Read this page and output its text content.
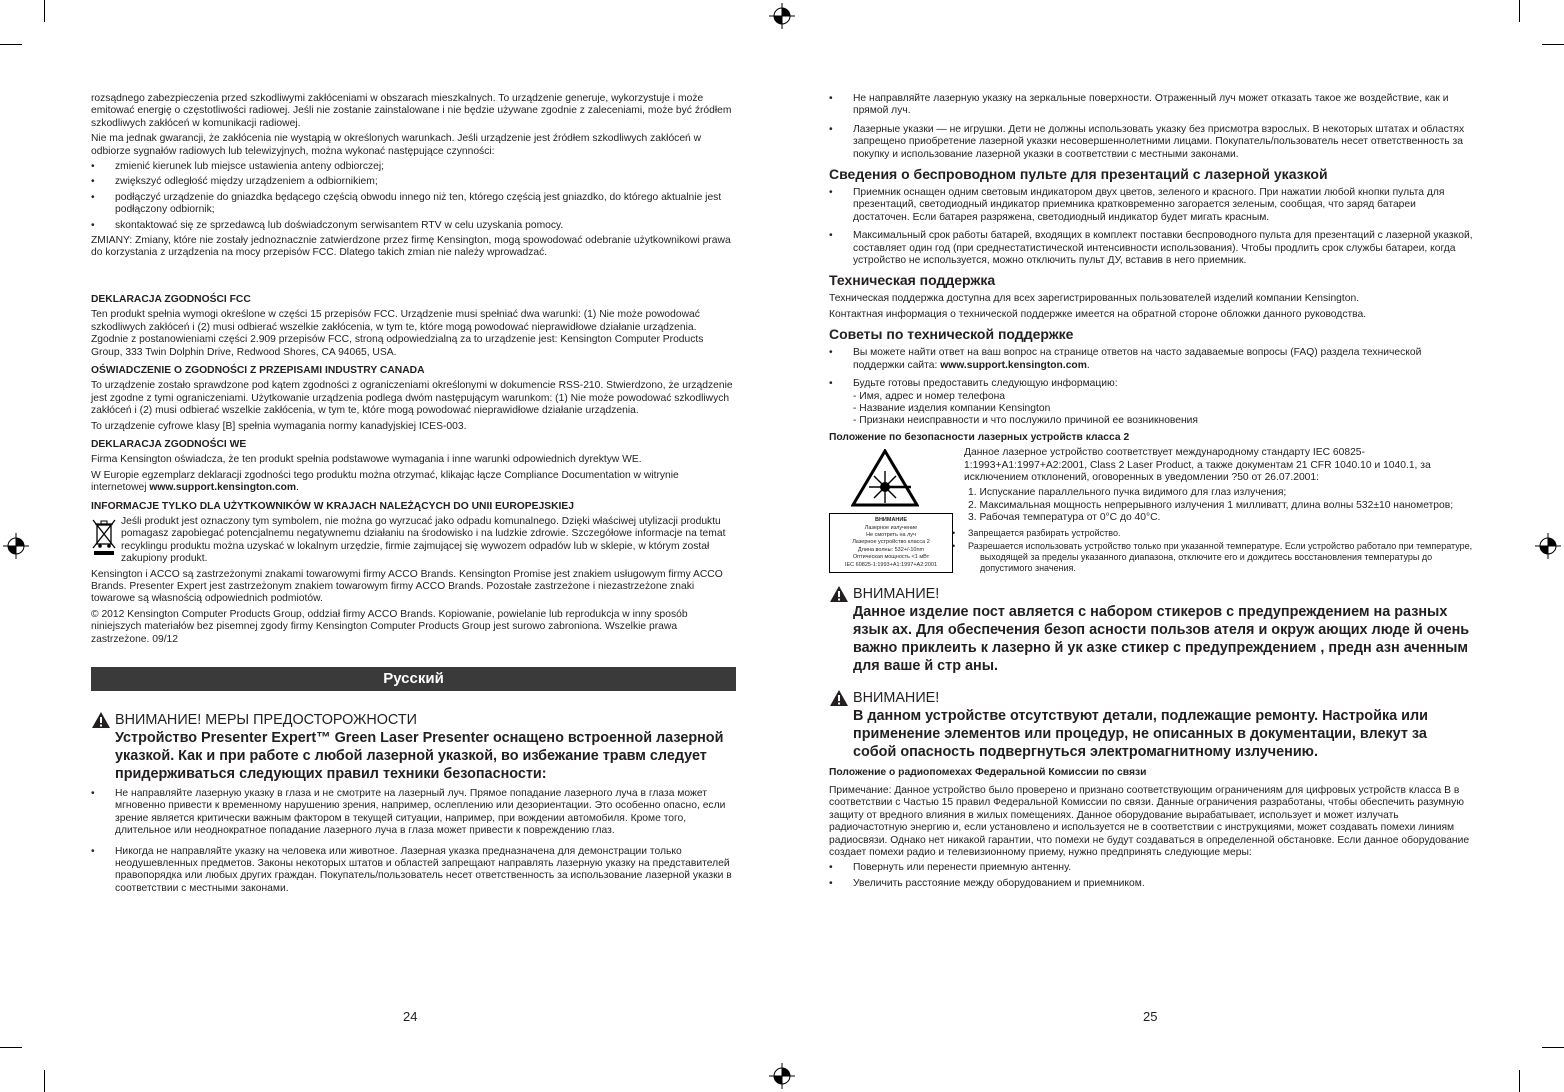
rozsądnego zabezpieczenia przed szkodliwymi zakłóceniami w obszarach mieszkalnych. To urządzenie generuje, wykorzystuje i może emitować energię o częstotliwości radiowej. Jeśli nie zostanie zainstalowane i nie będzie używane zgodnie z zaleceniami, może być źródłem szkodliwych zakłóceń w komunikacji radiowej.

Nie ma jednak gwarancji, że zakłócenia nie wystąpią w określonych warunkach. Jeśli urządzenie jest źródłem szkodliwych zakłóceń w odbiorze sygnałów radiowych lub telewizyjnych, można wykonać następujące czynności:

• zmienić kierunek lub miejsce ustawienia anteny odbiorczej;
• zwiększyć odległość między urządzeniem a odbiornikiem;
• podłączyć urządzenie do gniazdka będącego częścią obwodu innego niż ten, którego częścią jest gniazdko, do którego aktualnie jest podłączony odbiornik;
• skontaktować się ze sprzedawcą lub doświadczonym serwisantem RTV w celu uzyskania pomocy.

ZMIANY: Zmiany, które nie zostały jednoznacznie zatwierdzone przez firmę Kensington, mogą spowodować odebranie użytkownikowi prawa do korzystania z urządzenia na mocy przepisów FCC. Dlatego takich zmian nie należy wprowadzać.

DEKLARACJA ZGODNOŚCI FCC

Ten produkt spełnia wymogi określone w części 15 przepisów FCC. Urządzenie musi spełniać dwa warunki: (1) Nie może powodować szkodliwych zakłóceń i (2) musi odbierać wszelkie zakłócenia, w tym te, które mogą powodować nieprawidłowe działanie urządzenia. Zgodnie z postanowieniami części 2.909 przepisów FCC, stroną odpowiedzialną za to urządzenie jest: Kensington Computer Products Group, 333 Twin Dolphin Drive, Redwood Shores, CA 94065, USA.

OŚWIADCZENIE O ZGODNOŚCI Z PRZEPISAMI INDUSTRY CANADA

To urządzenie zostało sprawdzone pod kątem zgodności z ograniczeniami określonymi w dokumencie RSS-210. Stwierdzono, że urządzenie jest zgodne z tymi ograniczeniami. Użytkowanie urządzenia podlega dwóm następującym warunkom: (1) Nie może powodować szkodliwych zakłóceń i (2) musi odbierać wszelkie zakłócenia, w tym te, które mogą powodować nieprawidłowe działanie urządzenia.

To urządzenie cyfrowe klasy [B] spełnia wymagania normy kanadyjskiej ICES-003.

DEKLARACJA ZGODNOŚCI WE

Firma Kensington oświadcza, że ten produkt spełnia podstawowe wymagania i inne warunki odpowiednich dyrektyw WE.

W Europie egzemplarz deklaracji zgodności tego produktu można otrzymać, klikając łącze Compliance Documentation w witrynie internetowej www.support.kensington.com.

INFORMACJE TYLKO DLA UŻYTKOWNIKÓW W KRAJACH NALEŻĄCYCH DO UNII EUROPEJSKIEJ

Jeśli produkt jest oznaczony tym symbolem, nie można go wyrzucać jako odpadu komunalnego. Dzięki właściwej utylizacji produktu pomagasz zapobiegać potencjalnemu negatywnemu działaniu na środowisko i na ludzkie zdrowie. Szczegółowe informacje na temat recyklingu produktu można uzyskać w lokalnym urzędzie, firmie zajmującej się wywozem odpadów lub w sklepie, w którym został zakupiony produkt.

Kensington i ACCO są zastrzeżonymi znakami towarowymi firmy ACCO Brands. Kensington Promise jest znakiem usługowym firmy ACCO Brands. Presenter Expert jest zastrzeżonym znakiem towarowym firmy ACCO Brands. Pozostałe zastrzeżone i niezastrzeżone znaki towarowe są własnością odpowiednich podmiotów.

© 2012 Kensington Computer Products Group, oddział firmy ACCO Brands. Kopiowanie, powielanie lub reprodukcja w inny sposób niniejszych materiałów bez pisemnej zgody firmy Kensington Computer Products Group jest surowo zabroniona. Wszelkie prawa zastrzeżone. 09/12

Русский
ВНИМАНИЕ! МЕРЫ ПРЕДОСТОРОЖНОСТИ
Устройство Presenter Expert™ Green Laser Presenter оснащено встроенной лазерной указкой. Как и при работе с любой лазерной указкой, во избежание травм следует придерживаться следующих правил техники безопасности:
• Не направляйте лазерную указку в глаза и не смотрите на лазерный луч. Прямое попадание лазерного луча в глаза может мгновенно привести к временному нарушению зрения, например, ослеплению или дезориентации. Это особенно опасно, если зрение является критически важным фактором в текущей ситуации, например, при вождении автомобиля. Кроме того, длительное или неоднократное попадание лазерного луча в глаза может привести к повреждению глаз.
• Никогда не направляйте указку на человека или животное. Лазерная указка предназначена для демонстрации только неодушевленных предметов. Законы некоторых штатов и областей запрещают направлять лазерную указку на представителей правопорядка или любых других граждан. Покупатель/пользователь несет ответственность за использование лазерной указки в соответствии с местными законами.
24
• Не направляйте лазерную указку на зеркальные поверхности. Отраженный луч может отказать такое же воздействие, как и прямой луч.
• Лазерные указки — не игрушки. Дети не должны использовать указку без присмотра взрослых. В некоторых штатах и областях запрещено приобретение лазерной указки несовершеннолетними лицами. Покупатель/пользователь несет ответственность за покупку и использование лазерной указки в соответствии с местными законами.
Сведения о беспроводном пульте для презентаций с лазерной указкой
• Приемник оснащен одним световым индикатором двух цветов, зеленого и красного. При нажатии любой кнопки пульта для презентаций, светодиодный индикатор приемника кратковременно загорается зеленым, сообщая, что заряд батареи достаточен. Если батарея разряжена, светодиодный индикатор будет мигать красным.
• Максимальный срок работы батарей, входящих в комплект поставки беспроводного пульта для презентаций с лазерной указкой, составляет один год (при среднестатистической интенсивности использования). Чтобы продлить срок службы батареи, когда устройство не используется, можно отключить пульт ДУ, вставив в него приемник.
Техническая поддержка

Техническая поддержка доступна для всех зарегистрированных пользователей изделий компании Kensington.

Контактная информация о технической поддержке имеется на обратной стороне обложки данного руководства.

Советы по технической поддержке
• Вы можете найти ответ на ваш вопрос на странице ответов на часто задаваемые вопросы (FAQ) раздела технической поддержки сайта: www.support.kensington.com.
• Будьте готовы предоставить следующую информацию:
- Имя, адрес и номер телефона
- Название изделия компании Kensington
- Признаки неисправности и что послужило причиной ее возникновения

Положение по безопасности лазерных устройств класса 2

ВНИМАНИЕ
Лазерное излучение
Не смотреть на луч
Лазерное устройство класса 2
Длина волны: 532+/-10nm
Оптическая мощность <1 мВт
IEC 60825-1:1993+A1:1997+A2:2001

Данное лазерное устройство соответствует международному стандарту IEC 60825-1:1993+A1:1997+A2:2001, Class 2 Laser Product, а также документам 21 CFR 1040.10 и 1040.1, за исключением отклонений, оговоренных в уведомлении ?50 от 26.07.2001:

1. Испускание параллельного пучка видимого для глаз излучения;
2. Максимальная мощность непрерывного излучения 1 милливатт, длина волны 532±10 нанометров;
3. Рабочая температура от 0°C до 40°C.
• Запрещается разбирать устройство.
• Разрешается использовать устройство только при указанной температуре. Если устройство работало при температуре, выходящей за пределы указанного диапазона, отключите его и дождитесь восстановления температуры до допустимого значения.
ВНИМАНИЕ!
Данное изделие пост авляется с набором стикеров с предупреждением на разных язык ах. Для обеспечения безоп асности пользов ателя и окруж ающих люде й очень важно приклеить к лазерно й ук азке стикер с предупреждением , предн азн аченным для ваше й стр аны.
ВНИМАНИЕ!
В данном устройстве отсутствуют детали, подлежащие ремонту. Настройка или применение элементов или процедур, не описанных в документации, влекут за собой опасность подвергнуться электромагнитному излучению.

Положение о радиопомехах Федеральной Комиссии по связи

Примечание: Данное устройство было проверено и признано соответствующим ограничениям для цифровых устройств класса B в соответствии с Частью 15 правил Федеральной Комиссии по связи. Данные ограничения разработаны, чтобы обеспечить разумную защиту от вредного влияния в жилых помещениях. Данное оборудование вырабатывает, использует и может излучать радиочастотную энергию и, если установлено и используется не в соответствии с инструкциями, может создавать помехи линиям радиосвязи. Однако нет никакой гарантии, что помехи не будут создаваться в определенной обстановке. Если данное оборудование создает помехи радио и телевизионному приему, нужно предпринять следующие меры:

• Повернуть или перенести приемную антенну.
• Увеличить расстояние между оборудованием и приемником.
25
